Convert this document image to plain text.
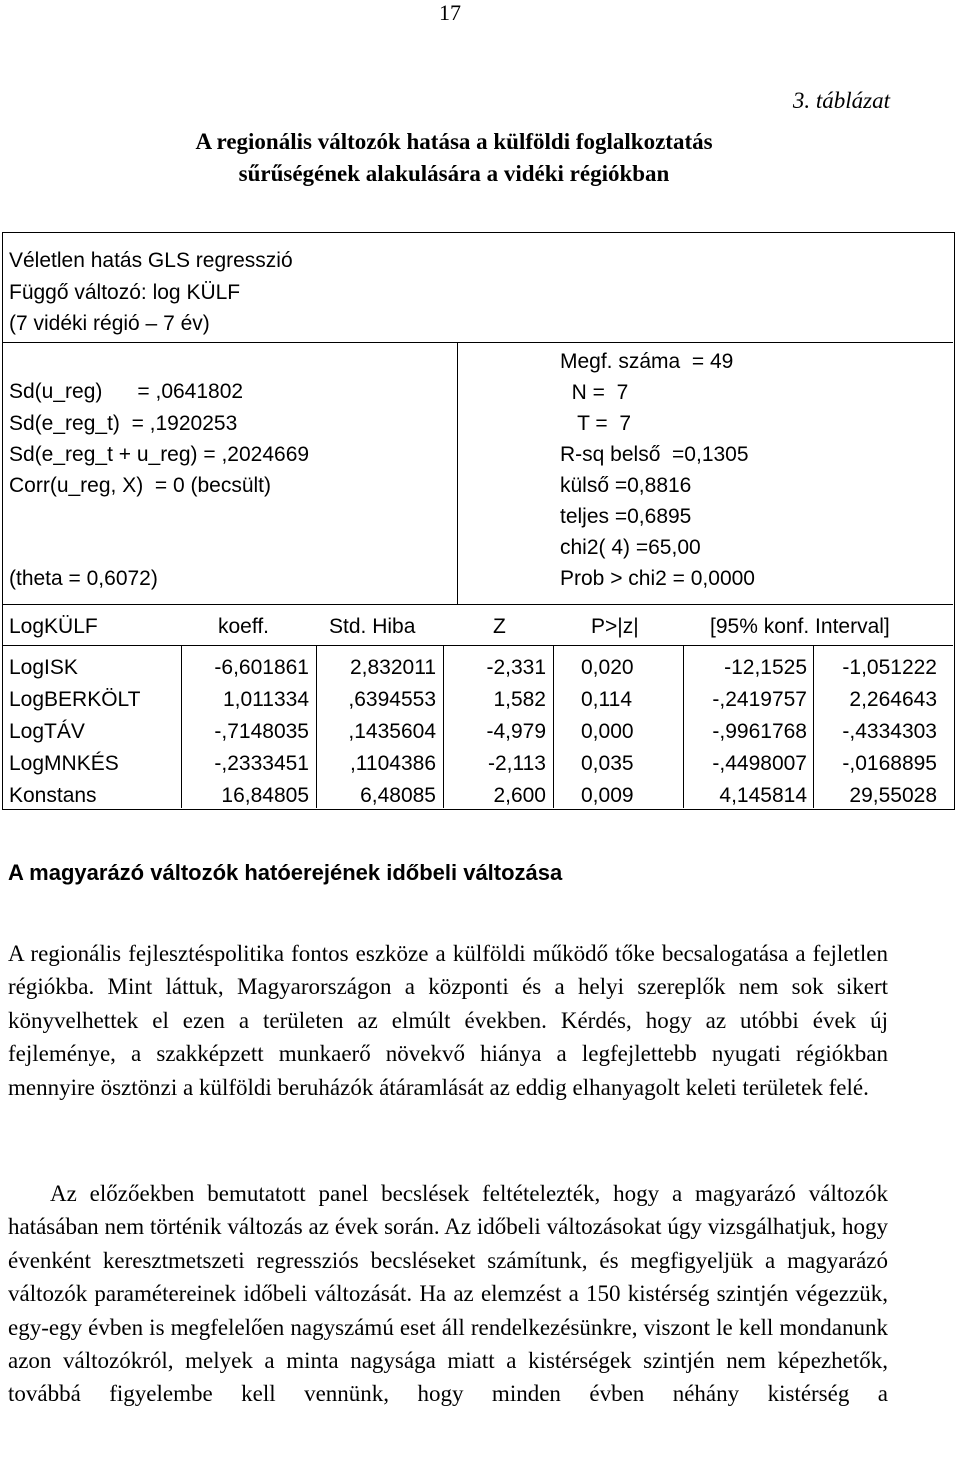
17
3. táblázat
A regionális változók hatása a külföldi foglalkoztatás
sűrűségének alakulására a vidéki régiókban
Véletlen hatás GLS regresszió
Függő változó: log KÜLF
(7 vidéki régió – 7 év)
Sd(u_reg)      = ,0641802
Sd(e_reg_t)  = ,1920253
Sd(e_reg_t + u_reg) = ,2024669
Corr(u_reg, X)  = 0 (becsült)
(theta = 0,6072)
Megf. száma  = 49
N =  7
T =  7
R-sq belső  =0,1305
külső =0,8816
teljes =0,6895
chi2( 4) =65,00
Prob > chi2 = 0,0000
LogKÜLF	koeff.	Std. Hiba	Z	P>|z|	[95% konf. Interval]
LogISK	-6,601861	2,832011	-2,331 0,020	-12,1525	-1,051222
LogBERKÖLT	1,011334	,6394553	1,582 0,114	-,2419757	2,264643
LogTÁV	-,7148035	,1435604	-4,979 0,000	-,9961768	-,4334303
LogMNKÉS	-,2333451	,1104386	-2,113 0,035	-,4498007	-,0168895
Konstans	16,84805	6,48085	2,600 0,009	4,145814	29,55028
A magyarázó változók hatóerejének időbeli változása
A regionális fejlesztéspolitika fontos eszköze a külföldi működő tőke becsalogatása a fejletlen régiókba. Mint láttuk, Magyarországon a központi és a helyi szereplők nem sok sikert könyvelhettek el ezen a területen az elmúlt években. Kérdés, hogy az utóbbi évek új fejleménye, a szakképzett munkaerő növekvő hiánya a legfejlettebb nyugati régiókban mennyire ösztönzi a külföldi beruházók átáramlását az eddig elhanyagolt keleti területek felé.
Az előzőekben bemutatott panel becslések feltételezték, hogy a magyarázó változók hatásában nem történik változás az évek során. Az időbeli változásokat úgy vizsgálhatjuk, hogy évenként keresztmetszeti regressziós becsléseket számítunk, és megfigyeljük a magyarázó változók paramétereinek időbeli változását. Ha az elemzést a 150 kistérség szintjén végezzük, egy-egy évben is megfelelően nagyszámú eset áll rendelkezésünkre, viszont le kell mondanunk azon változókról, melyek a minta nagysága miatt a kistérségek szintjén nem képezhetők, továbbá figyelembe kell vennünk, hogy minden évben néhány kistérség a
